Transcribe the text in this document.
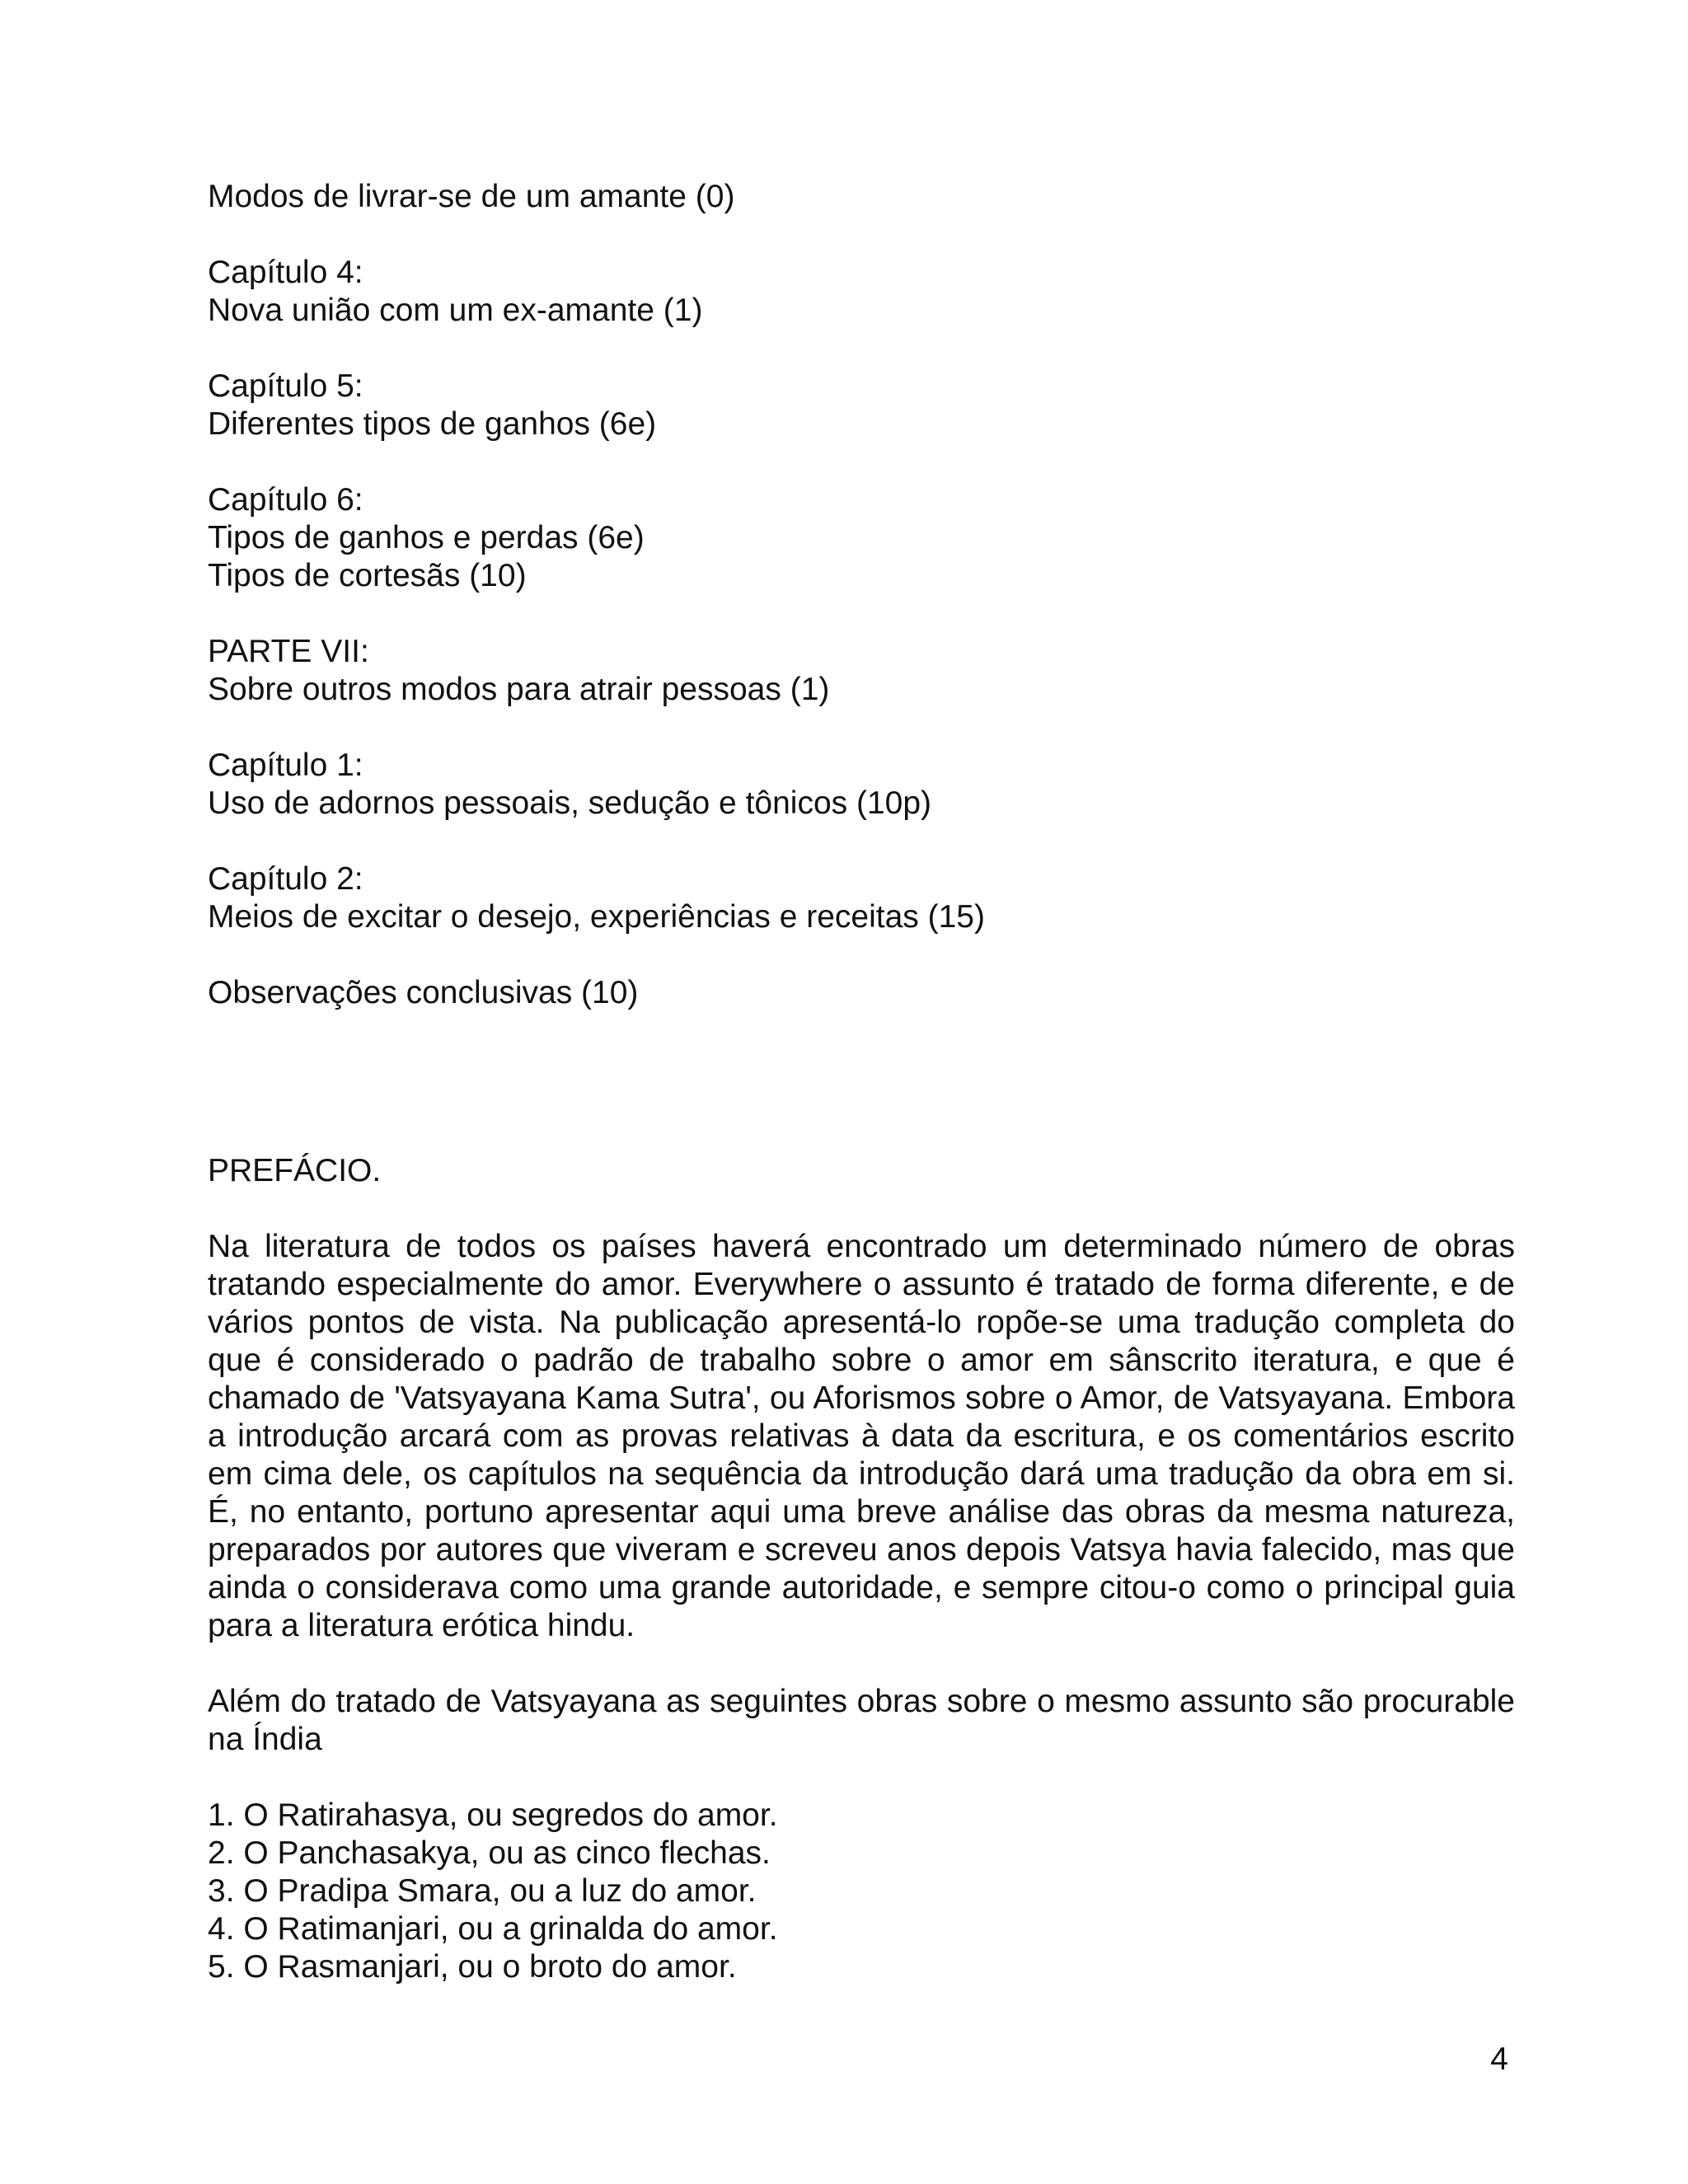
Modos de livrar-se de um amante (0)
Capítulo 4:
Nova união com um ex-amante (1)
Capítulo 5:
Diferentes tipos de ganhos (6e)
Capítulo 6:
Tipos de ganhos e perdas (6e)
Tipos de cortesãs (10)
PARTE VII:
Sobre outros modos para atrair pessoas (1)
Capítulo 1:
Uso de adornos pessoais, sedução e tônicos (10p)
Capítulo 2:
Meios de excitar o desejo, experiências e receitas (15)
Observações conclusivas (10)
PREFÁCIO.

Na literatura de todos os países haverá encontrado um determinado número de obras tratando especialmente do amor. Everywhere o assunto é tratado de forma diferente, e de vários pontos de vista. Na publicação apresentá-lo ropõe-se uma tradução completa do que é considerado o padrão de trabalho sobre o amor em sânscrito iteratura, e que é chamado de 'Vatsyayana Kama Sutra', ou Aforismos sobre o Amor, de Vatsyayana. Embora a introdução arcará com as provas relativas à data da escritura, e os comentários escrito em cima dele, os capítulos na sequência da introdução dará uma tradução da obra em si. É, no entanto, portuno apresentar aqui uma breve análise das obras da mesma natureza, preparados por autores que viveram e screveu anos depois Vatsya havia falecido, mas que ainda o considerava como uma grande autoridade, e sempre citou-o como o principal guia para a literatura erótica hindu.

Além do tratado de Vatsyayana as seguintes obras sobre o mesmo assunto são procurable na Índia

1. O Ratirahasya, ou segredos do amor.
2. O Panchasakya, ou as cinco flechas.
3. O Pradipa Smara, ou a luz do amor.
4. O Ratimanjari, ou a grinalda do amor.
5. O Rasmanjari, ou o broto do amor.
4
